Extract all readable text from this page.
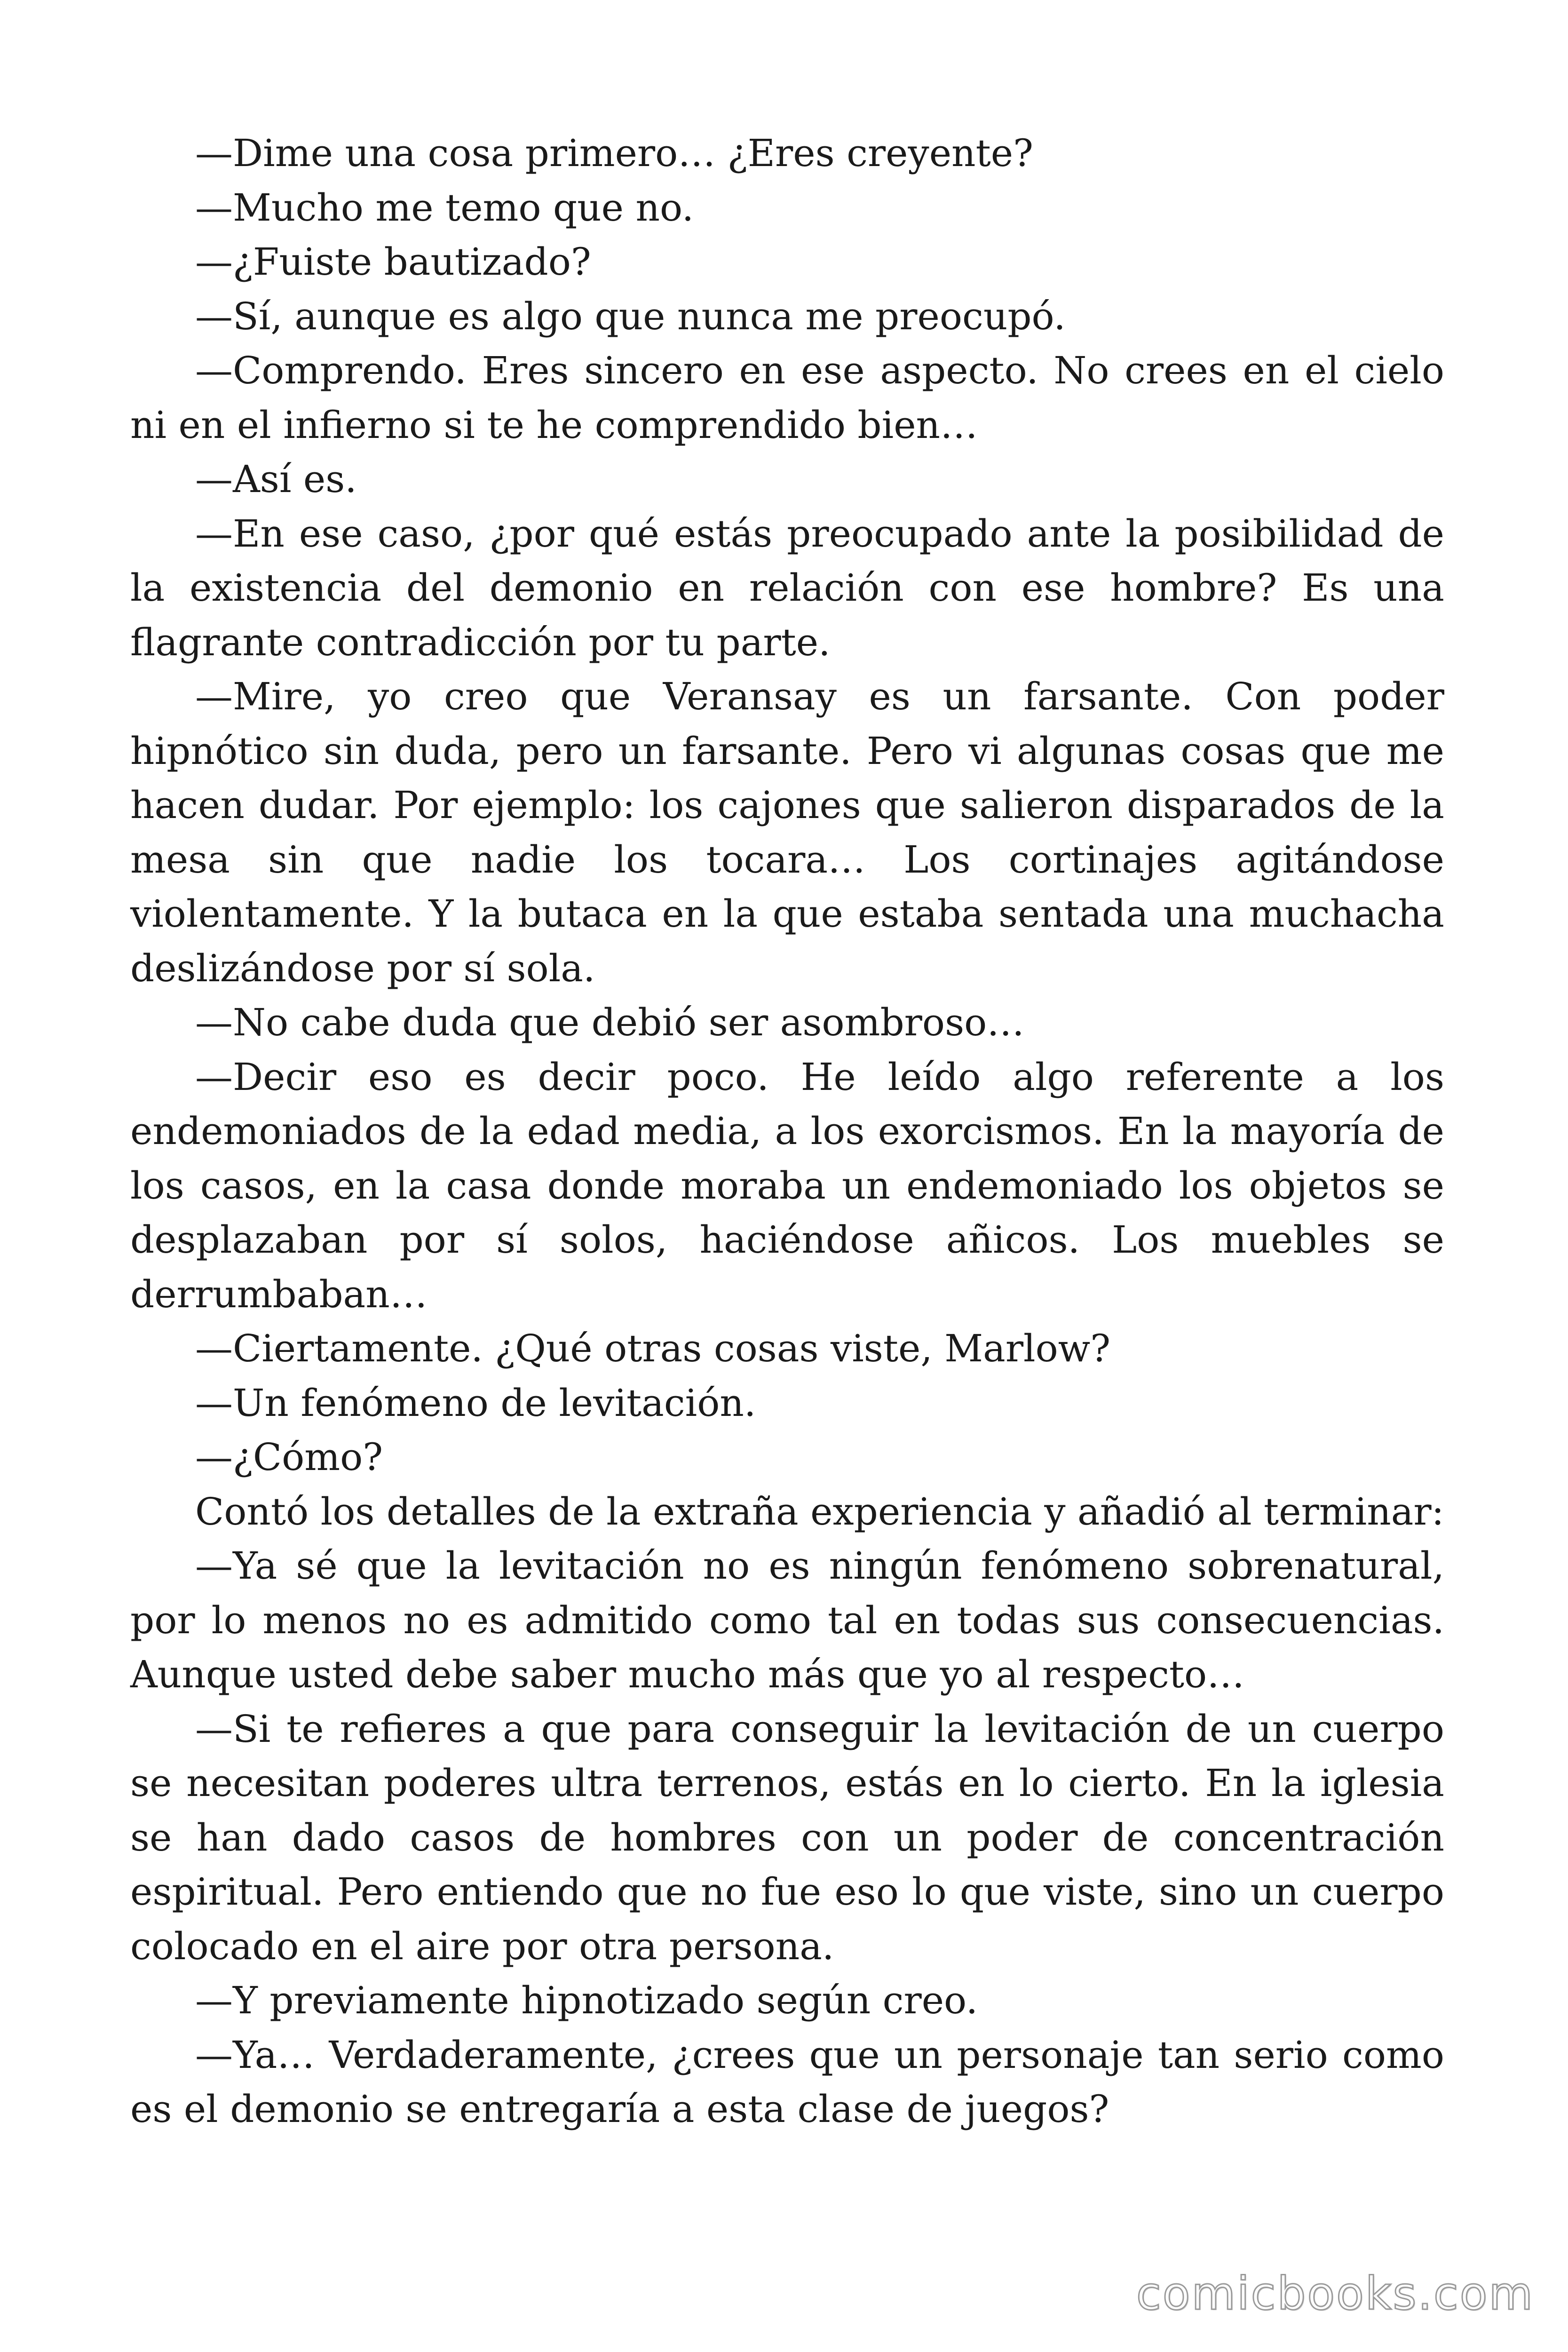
—Dime una cosa primero… ¿Eres creyente?

—Mucho me temo que no.

—¿Fuiste bautizado?

—Sí, aunque es algo que nunca me preocupó.

—Comprendo. Eres sincero en ese aspecto. No crees en el cielo ni en el infierno si te he comprendido bien…

—Así es.

—En ese caso, ¿por qué estás preocupado ante la posibilidad de la existencia del demonio en relación con ese hombre? Es una flagrante contradicción por tu parte.

—Mire, yo creo que Veransay es un farsante. Con poder hipnótico sin duda, pero un farsante. Pero vi algunas cosas que me hacen dudar. Por ejemplo: los cajones que salieron disparados de la mesa sin que nadie los tocara… Los cortinajes agitándose violentamente. Y la butaca en la que estaba sentada una muchacha deslizándose por sí sola.

—No cabe duda que debió ser asombroso…

—Decir eso es decir poco. He leído algo referente a los endemoniados de la edad media, a los exorcismos. En la mayoría de los casos, en la casa donde moraba un endemoniado los objetos se desplazaban por sí solos, haciéndose añicos. Los muebles se derrumbaban…

—Ciertamente. ¿Qué otras cosas viste, Marlow?

—Un fenómeno de levitación.

—¿Cómo?

Contó los detalles de la extraña experiencia y añadió al terminar:

—Ya sé que la levitación no es ningún fenómeno sobrenatural, por lo menos no es admitido como tal en todas sus consecuencias. Aunque usted debe saber mucho más que yo al respecto…

—Si te refieres a que para conseguir la levitación de un cuerpo se necesitan poderes ultra terrenos, estás en lo cierto. En la iglesia se han dado casos de hombres con un poder de concentración espiritual. Pero entiendo que no fue eso lo que viste, sino un cuerpo colocado en el aire por otra persona.

—Y previamente hipnotizado según creo.

—Ya… Verdaderamente, ¿crees que un personaje tan serio como es el demonio se entregaría a esta clase de juegos?

comicbooks.com
